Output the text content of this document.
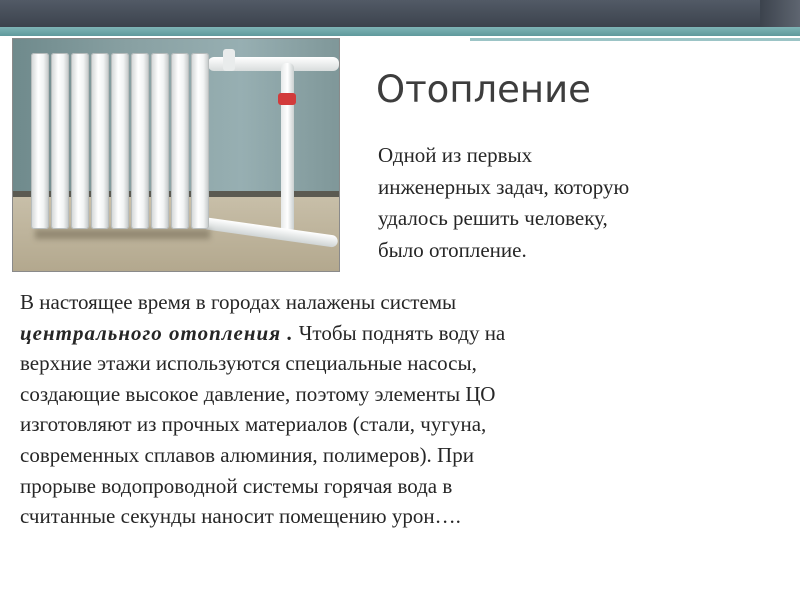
Отопление

Одной из первых
инженерных задач, которую
удалось решить человеку,
было отопление.

В настоящее время в городах налажены системы
центрального отопления . Чтобы поднять воду на
верхние этажи используются специальные насосы,
создающие высокое давление, поэтому элементы ЦО
изготовляют из прочных материалов (стали, чугуна,
современных сплавов алюминия, полимеров). При
прорыве водопроводной системы горячая вода в
считанные секунды наносит помещению урон….
